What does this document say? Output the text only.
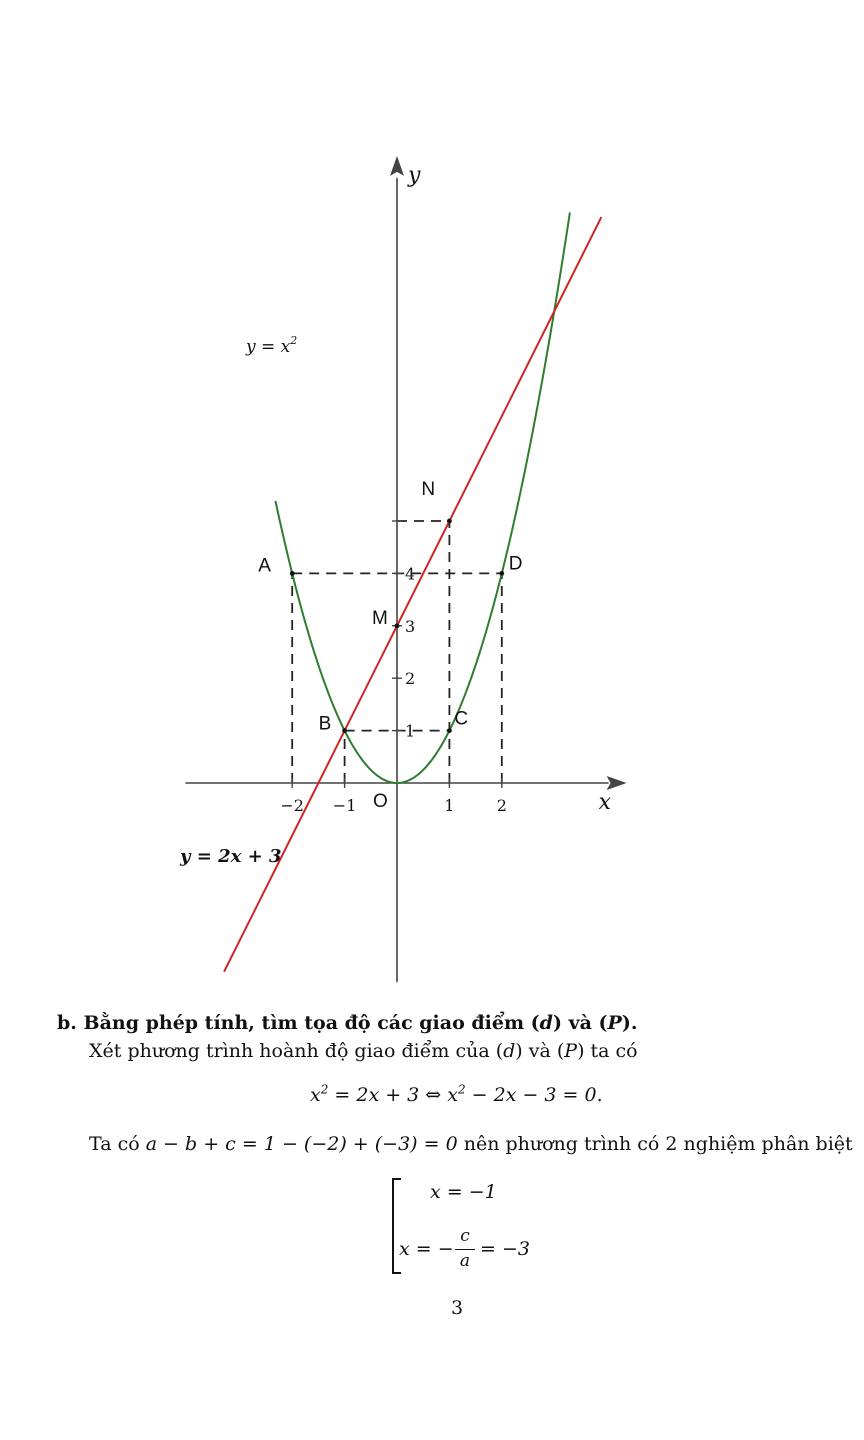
−2 −1	1	2
1
2
3
4
x
y
A
B	C
D
M
N
O
$y = x^2$
y = 2x + 3
b. Bằng phép tính, tìm tọa độ các giao điểm (d) và (P).
Xét phương trình hoành độ giao điểm của (d) và (P) ta có
$x^2 = 2x + 3$ ⇔ $x^2 - 2x - 3 = 0$.
Ta có a − b + c = 1 − (−2) + (−3) = 0 nên phương trình có 2 nghiệm phân biệt
x = −1
x = −
c
a
= −3
3
